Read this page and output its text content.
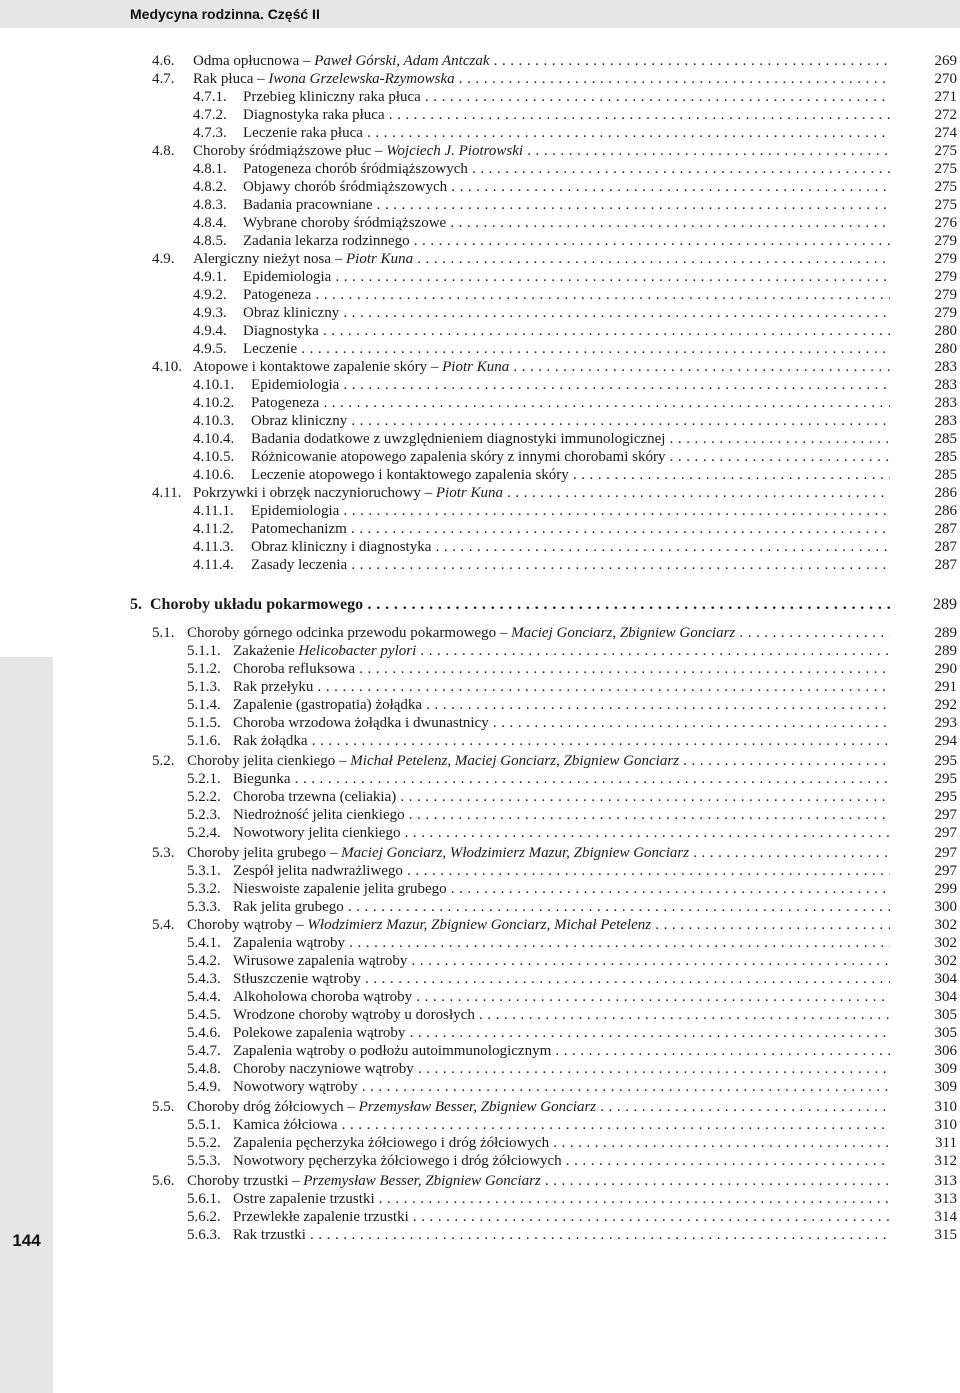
Medycyna rodzinna. Część II
144
4.6. Odma opłucnowa – Paweł Górski, Adam Antczak . . .	269
4.7. Rak płuca – Iwona Grzelewska-Rzymowska . . .	270
4.7.1. Przebieg kliniczny raka płuca . . .	271
4.7.2. Diagnostyka raka płuca . . .	272
4.7.3. Leczenie raka płuca . . .	274
4.8. Choroby śródmiąższowe płuc – Wojciech J. Piotrowski . . .	275
4.8.1. Patogeneza chorób śródmiąższowych . . .	275
4.8.2. Objawy chorób śródmiąższowych . . .	275
4.8.3. Badania pracowniane . . .	275
4.8.4. Wybrane choroby śródmiąższowe . . .	276
4.8.5. Zadania lekarza rodzinnego . . .	279
4.9. Alergiczny nieżyt nosa – Piotr Kuna . . .	279
4.9.1. Epidemiologia . . .	279
4.9.2. Patogeneza . . .	279
4.9.3. Obraz kliniczny . . .	279
4.9.4. Diagnostyka . . .	280
4.9.5. Leczenie . . .	280
4.10. Atopowe i kontaktowe zapalenie skóry – Piotr Kuna . . .	283
4.10.1. Epidemiologia . . .	283
4.10.2. Patogeneza . . .	283
4.10.3. Obraz kliniczny . . .	283
4.10.4. Badania dodatkowe z uwzględnieniem diagnostyki immunologicznej . . .	285
4.10.5. Różnicowanie atopowego zapalenia skóry z innymi chorobami skóry . . .	285
4.10.6. Leczenie atopowego i kontaktowego zapalenia skóry . . .	285
4.11. Pokrzywki i obrzęk naczynioruchowy – Piotr Kuna . . .	286
4.11.1. Epidemiologia . . .	286
4.11.2. Patomechanizm . . .	287
4.11.3. Obraz kliniczny i diagnostyka . . .	287
4.11.4. Zasady leczenia . . .	287
5. Choroby układu pokarmowego . . .	289
5.1. Choroby górnego odcinka przewodu pokarmowego – Maciej Gonciarz, Zbigniew Gonciarz . . .	289
5.1.1. Zakażenie Helicobacter pylori . . .	289
5.1.2. Choroba refluksowa . . .	290
5.1.3. Rak przełyku . . .	291
5.1.4. Zapalenie (gastropatia) żołądka . . .	292
5.1.5. Choroba wrzodowa żołądka i dwunastnicy . . .	293
5.1.6. Rak żołądka . . .	294
5.2. Choroby jelita cienkiego – Michał Petelenz, Maciej Gonciarz, Zbigniew Gonciarz . . .	295
5.2.1. Biegunka . . .	295
5.2.2. Choroba trzewna (celiakia) . . .	295
5.2.3. Niedrożność jelita cienkiego . . .	297
5.2.4. Nowotwory jelita cienkiego . . .	297
5.3. Choroby jelita grubego – Maciej Gonciarz, Włodzimierz Mazur, Zbigniew Gonciarz . . .	297
5.3.1. Zespół jelita nadwrażliwego . . .	297
5.3.2. Nieswoiste zapalenie jelita grubego . . .	299
5.3.3. Rak jelita grubego . . .	300
5.4. Choroby wątroby – Włodzimierz Mazur, Zbigniew Gonciarz, Michał Petelenz . . .	302
5.4.1. Zapalenia wątroby . . .	302
5.4.2. Wirusowe zapalenia wątroby . . .	302
5.4.3. Stłuszczenie wątroby . . .	304
5.4.4. Alkoholowa choroba wątroby . . .	304
5.4.5. Wrodzone choroby wątroby u dorosłych . . .	305
5.4.6. Polekowe zapalenia wątroby . . .	305
5.4.7. Zapalenia wątroby o podłożu autoimmunologicznym . . .	306
5.4.8. Choroby naczyniowe wątroby . . .	309
5.4.9. Nowotwory wątroby . . .	309
5.5. Choroby dróg żółciowych – Przemysław Besser, Zbigniew Gonciarz . . .	310
5.5.1. Kamica żółciowa . . .	310
5.5.2. Zapalenia pęcherzyka żółciowego i dróg żółciowych . . .	311
5.5.3. Nowotwory pęcherzyka żółciowego i dróg żółciowych . . .	312
5.6. Choroby trzustki – Przemysław Besser, Zbigniew Gonciarz . . .	313
5.6.1. Ostre zapalenie trzustki . . .	313
5.6.2. Przewlekłe zapalenie trzustki . . .	314
5.6.3. Rak trzustki . . .	315
